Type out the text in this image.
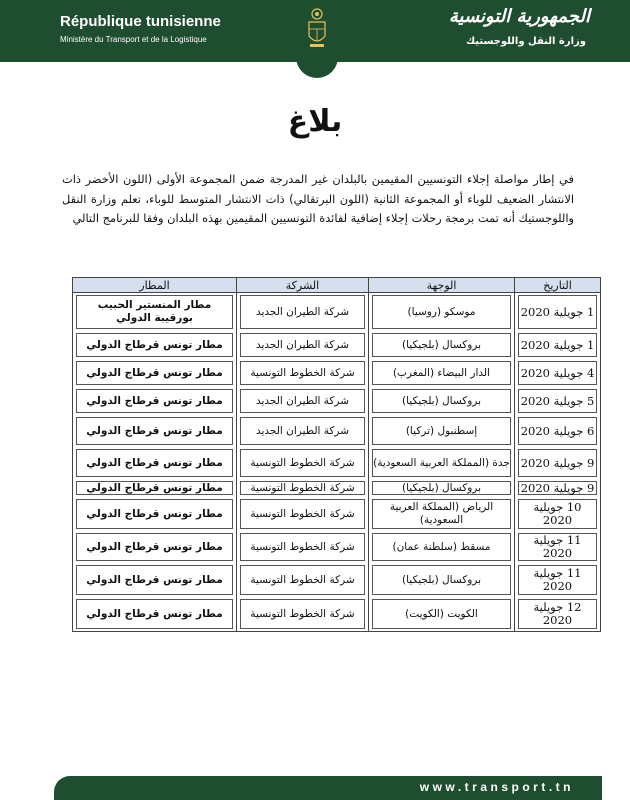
République tunisienne
Ministère du Transport et de la Logistique
الجمهورية التونسية
وزارة النقل واللوجستيك
بلاغ
في إطار مواصلة إجلاء التونسيين المقيمين بالبلدان غير المدرجة ضمن المجموعة الأولى (اللون الأخضر ذات الانتشار الضعيف للوباء أو المجموعة الثانية (اللون البرتقالي) ذات الانتشار المتوسط للوباء، تعلم وزارة النقل واللوجستيك أنه تمت برمجة رحلات إجلاء إضافية لفائدة التونسيين المقيمين بهذه البلدان وفقا للبرنامج التالي
التاريخ	الوجهة	الشركة	المطار

1 جويلية 2020	موسكو (روسيا)	شركة الطيران الجديد	مطار المنستير الحبيب بورقيبة الدولي

1 جويلية 2020	بروكسال (بلجيكيا)	شركة الطيران الجديد	مطار تونس قرطاج الدولي

4 جويلية 2020	الدار البيضاء (المغرب)	شركة الخطوط التونسية	مطار تونس قرطاج الدولي

5 جويلية 2020	بروكسال (بلجيكيا)	شركة الطيران الجديد	مطار تونس قرطاج الدولي

6 جويلية 2020	إسطنبول (تركيا)	شركة الطيران الجديد	مطار تونس قرطاج الدولي

9 جويلية 2020	جدة (المملكة العربية السعودية)	شركة الخطوط التونسية	مطار تونس قرطاج الدولي

9 جويلية 2020	بروكسال (بلجيكيا)	شركة الخطوط التونسية	مطار تونس قرطاج الدولي

10 جويلية 2020	الرياض (المملكة العربية السعودية)	شركة الخطوط التونسية	مطار تونس قرطاج الدولي

11 جويلية 2020	مسقط (سلطنة عمان)	شركة الخطوط التونسية	مطار تونس قرطاج الدولي

11 جويلية 2020	بروكسال (بلجيكيا)	شركة الخطوط التونسية	مطار تونس قرطاج الدولي

12 جويلية 2020	الكويت (الكويت)	شركة الخطوط التونسية	مطار تونس قرطاج الدولي
www.transport.tn
